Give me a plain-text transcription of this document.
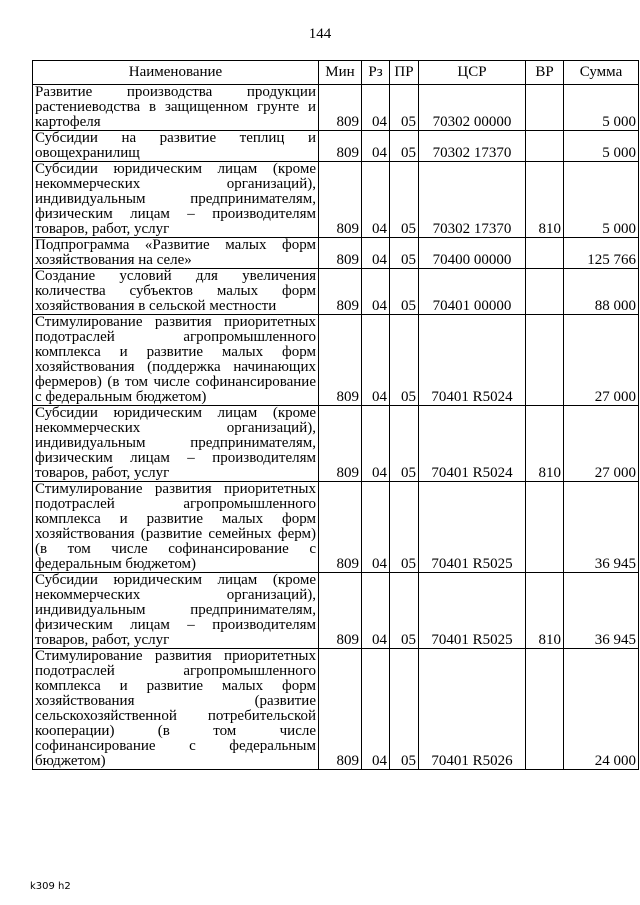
144
Наименование	Мин	Рз	ПР	ЦСР	ВР	Сумма
Развитие производства продукции растениеводства в защищенном грунте и картофеля	809	04	05	70302 00000		5 000
Субсидии на развитие теплиц и овощехранилищ	809	04	05	70302 17370		5 000
Субсидии юридическим лицам (кроме некоммерческих организаций), индивидуальным предпринимателям, физическим лицам – производителям товаров, работ, услуг	809	04	05	70302 17370	810	5 000
Подпрограмма «Развитие малых форм хозяйствования на селе»	809	04	05	70400 00000		125 766
Создание условий для увеличения количества субъектов малых форм хозяйствования в сельской местности	809	04	05	70401 00000		88 000
Стимулирование развития приоритетных подотраслей агропромышленного комплекса и развитие малых форм хозяйствования (поддержка начинающих фермеров) (в том числе софинансирование с федеральным бюджетом)	809	04	05	70401 R5024		27 000
Субсидии юридическим лицам (кроме некоммерческих организаций), индивидуальным предпринимателям, физическим лицам – производителям товаров, работ, услуг	809	04	05	70401 R5024	810	27 000
Стимулирование развития приоритетных подотраслей агропромышленного комплекса и развитие малых форм хозяйствования (развитие семейных ферм) (в том числе софинансирование с федеральным бюджетом)	809	04	05	70401 R5025		36 945
Субсидии юридическим лицам (кроме некоммерческих организаций), индивидуальным предпринимателям, физическим лицам – производителям товаров, работ, услуг	809	04	05	70401 R5025	810	36 945
Стимулирование развития приоритетных подотраслей агропромышленного комплекса и развитие малых форм хозяйствования (развитие сельскохозяйственной потребительской кооперации) (в том числе софинансирование с федеральным бюджетом)	809	04	05	70401 R5026		24 000
k309 h2
